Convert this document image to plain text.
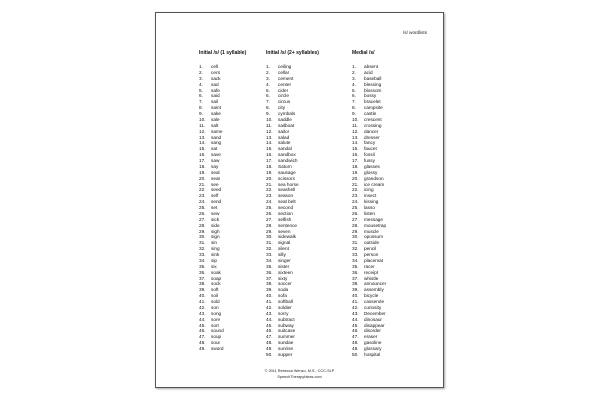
/s/ wordlists
Initial /s/ (1 syllable)
1. cell
2. cent
3. sack
4. sad
5. safe
6. said
7. sail
8. saint
9. sake
10. sale
11. salt
12. same
13. sand
14. sang
15. sat
16. save
17. saw
18. say
19. seal
20. seat
21. see
22. seed
23. self
24. send
25. set
26. sew
27. sick
28. side
29. sigh
30. sign
31. sin
32. sing
33. sink
34. sip
35. six
36. soak
37. soap
38. sock
39. soft
40. soil
41. sold
42. son
43. song
44. sore
45. sort
46. sound
47. soup
48. sour
49. sword
Initial /s/ (2+ syllables)
1. ceiling
2. cellar
3. cement
4. center
5. cider
6. circle
7. circus
8. city
9. cymbals
10. saddle
11. sailboat
12. sailor
13. salad
14. salute
15. sandal
16. sandbox
17. sandwich
18. Saturn
19. sausage
20. scissors
21. sea horse
22. seashell
23. season
24. seat belt
25. second
26. section
27. selfish
28. sentence
29. seven
30. sidewalk
31. signal
32. silent
33. silly
34. singer
35. sister
36. sixteen
37. sixty
38. soccer
39. soda
40. sofa
41. softball
42. soldier
43. sorry
44. subtract
45. subway
46. suitcase
47. summer
48. sundae
49. sunrise
50. supper
Medial /s/
1. absent
2. acid
3. baseball
4. blessing
5. blossom
6. bossy
7. bracelet
8. campsite
9. castle
10. crescent
11. crossing
12. dancer
13. dresser
14. fancy
15. faucet
16. fossil
17. fussy
18. glasses
19. glossy
20. grandson
21. ice cream
22. icing
23. insect
24. kissing
25. lasso
26. listen
27. message
28. mousetrap
29. muscle
30. opossum
31. outside
32. pencil
33. person
34. placemat
35. racer
36. receipt
37. whistle
38. announcer
39. assembly
40. bicycle
41. casserole
42. curiosity
43. December
44. dinosaur
45. disappear
46. disorder
47. eraser
48. gasoline
49. glossary
50. hospital
© 2011 Rebecca Wenzo, M.S., CCC-SLP
SpeechTherapyIdeas.com
